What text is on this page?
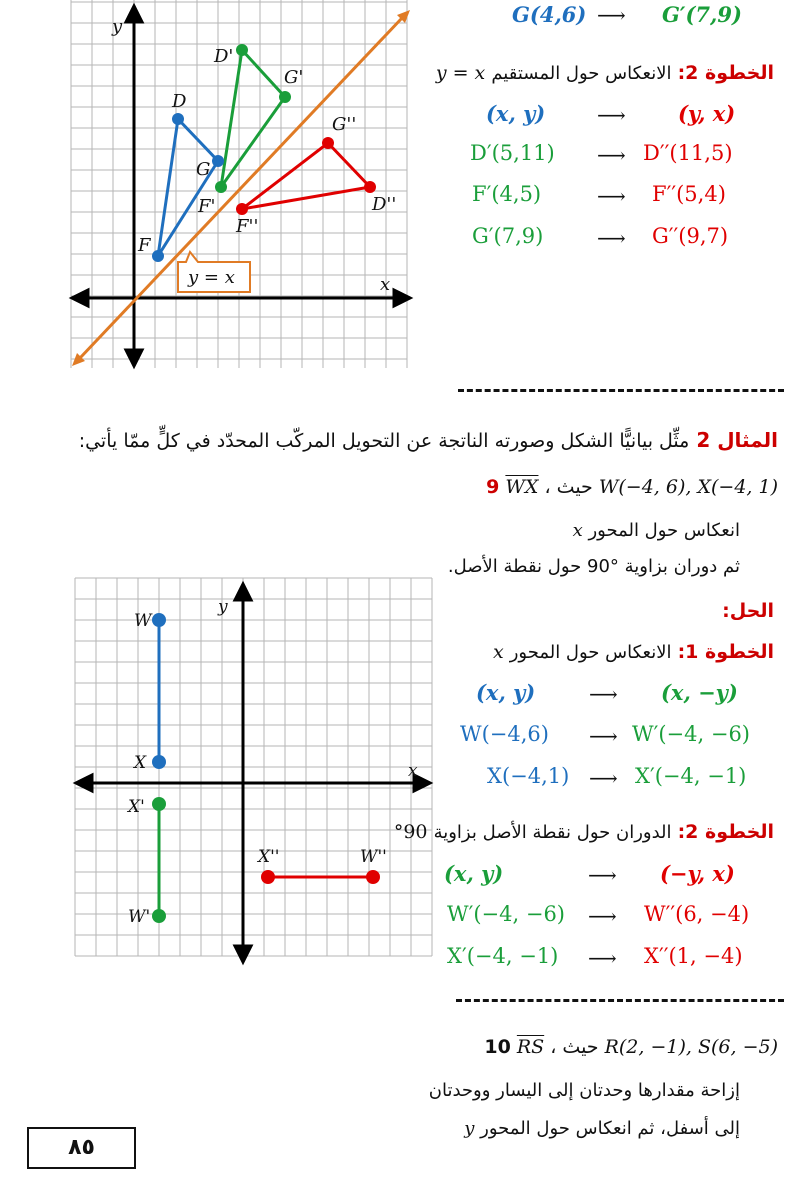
y
x
y = x
D
G
F
D'
G'
F'
G''
D''
F''
G(4,6) ⟶ G′(7,9)
الخطوة 2: الانعكاس حول المستقيم y = x
(x, y)	⟶ (y, x)
D′(5,11) ⟶ D′′(11,5)
F′(4,5)	⟶ F′′(5,4)
G′(7,9)	⟶ G′′(9,7)
المثال 2 مثِّل بيانيًّا الشكل وصورته الناتجة عن التحويل المركّب المحدّد في كلٍّ ممّا يأتي:
9 $\overline{WX}$ ، حيث W(−4, 6), X(−4, 1)
انعكاس حول المحور x
ثم دوران بزاوية °90 حول نقطة الأصل.
الحل:
y
x
W
X
X'
W'
X''	W''
الخطوة 1: الانعكاس حول المحور x
(x, y)	⟶ (x, −y)
W(−4,6) ⟶ W′(−4, −6)
X(−4,1) ⟶ X′(−4, −1)
الخطوة 2: الدوران حول نقطة الأصل بزاوية 90°
(x, y)	⟶ (−y, x)
W′(−4, −6) ⟶ W′′(6, −4)
X′(−4, −1) ⟶ X′′(1, −4)
10 $\overline{RS}$ ، حيث R(2, −1), S(6, −5)
إزاحة مقدارها وحدتان إلى اليسار ووحدتان
إلى أسفل، ثم انعكاس حول المحور y
٨٥
